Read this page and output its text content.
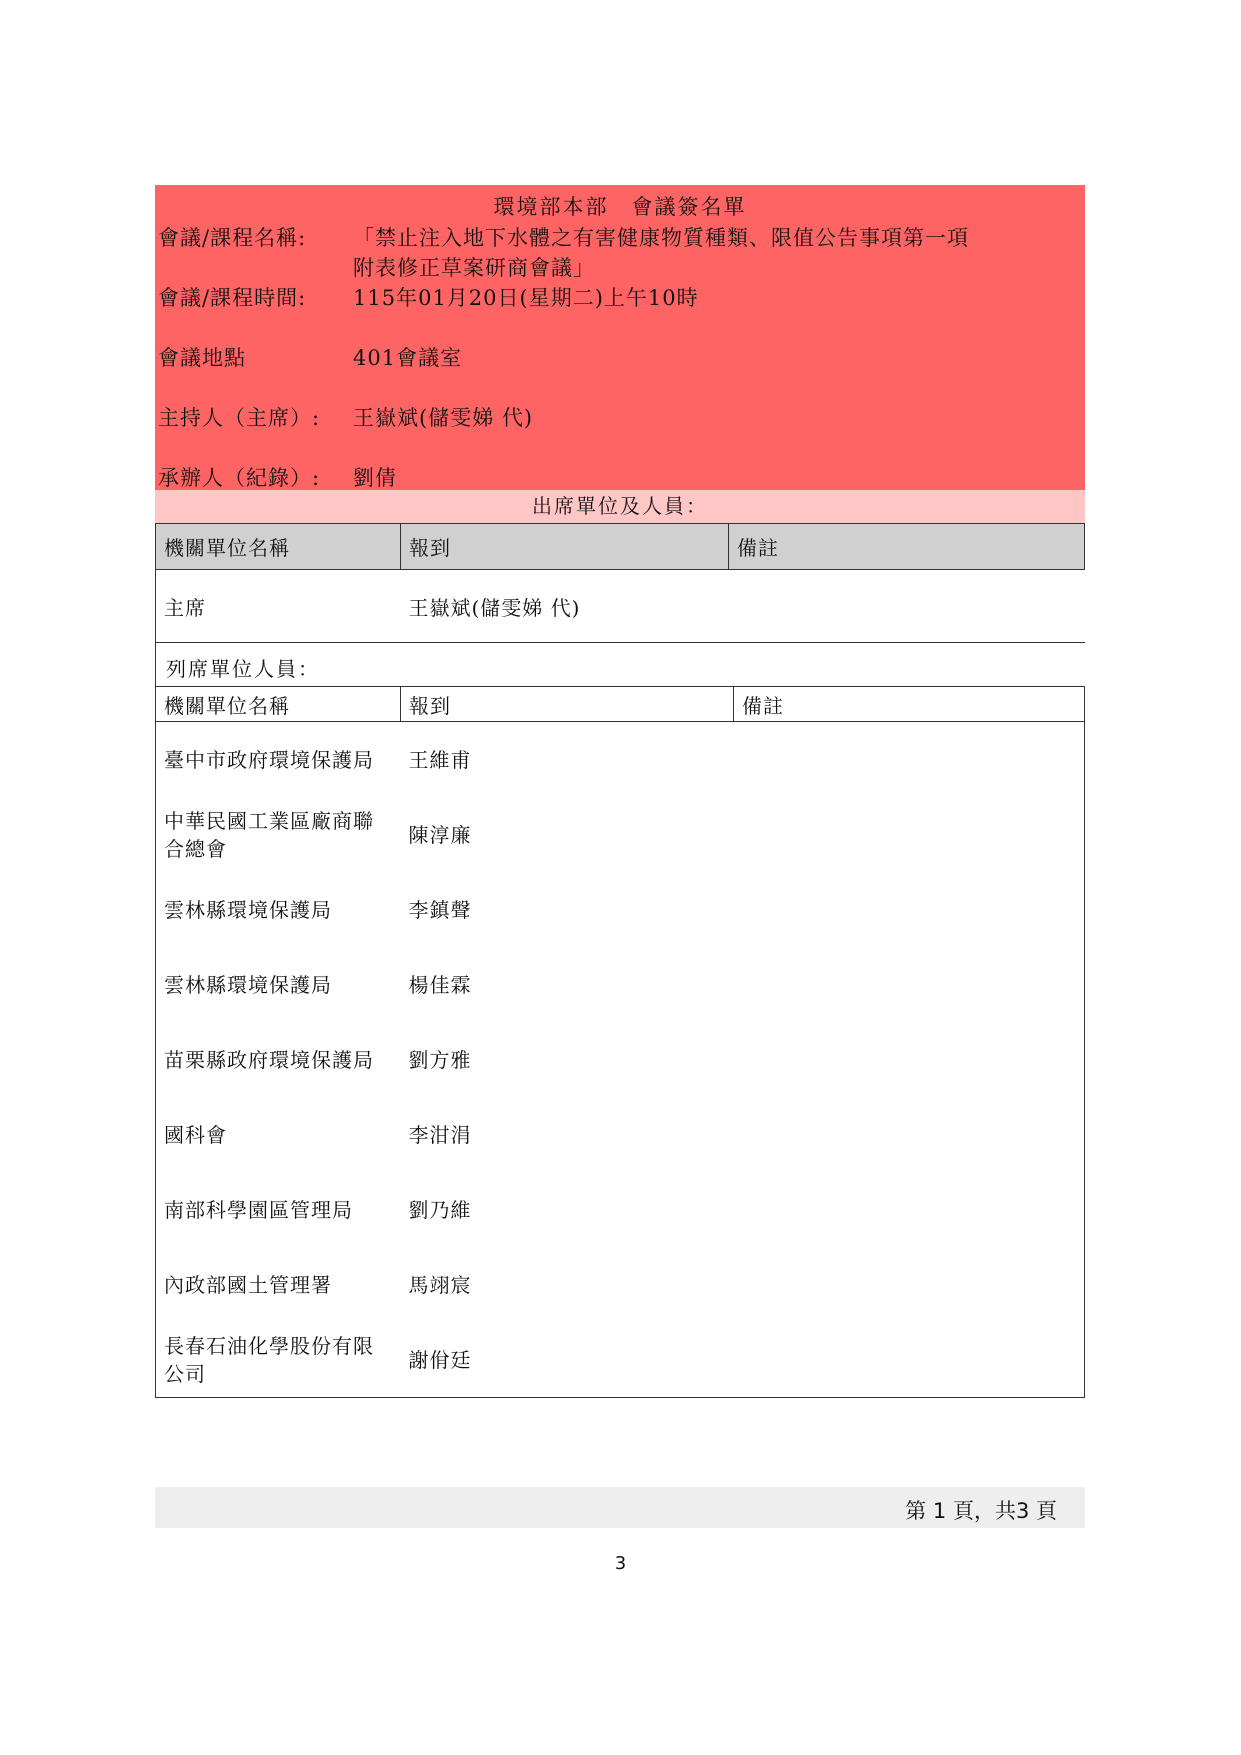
環境部本部　會議簽名單
會議/課程名稱: 「禁止注入地下水體之有害健康物質種類、限值公告事項第一項
附表修正草案研商會議」
會議/課程時間: 115年01月20日(星期二)上午10時
會議地點	401會議室
主持人（主席）: 王嶽斌(儲雯娣 代)
承辦人（紀錄）: 劉倩
出席單位及人員：
機關單位名稱	報到	備註
主席	王嶽斌(儲雯娣 代)	
列席單位人員：
機關單位名稱	報到	備註
臺中市政府環境保護局	王維甫	
中華民國工業區廠商聯合總會	陳淳廉	
雲林縣環境保護局	李鎮聲	
雲林縣環境保護局	楊佳霖	
苗栗縣政府環境保護局	劉方雅	
國科會	李泔涓	
南部科學園區管理局	劉乃維	
內政部國土管理署	馬翊宸	
長春石油化學股份有限公司	謝佾廷	
第 1 頁，共3 頁
3
